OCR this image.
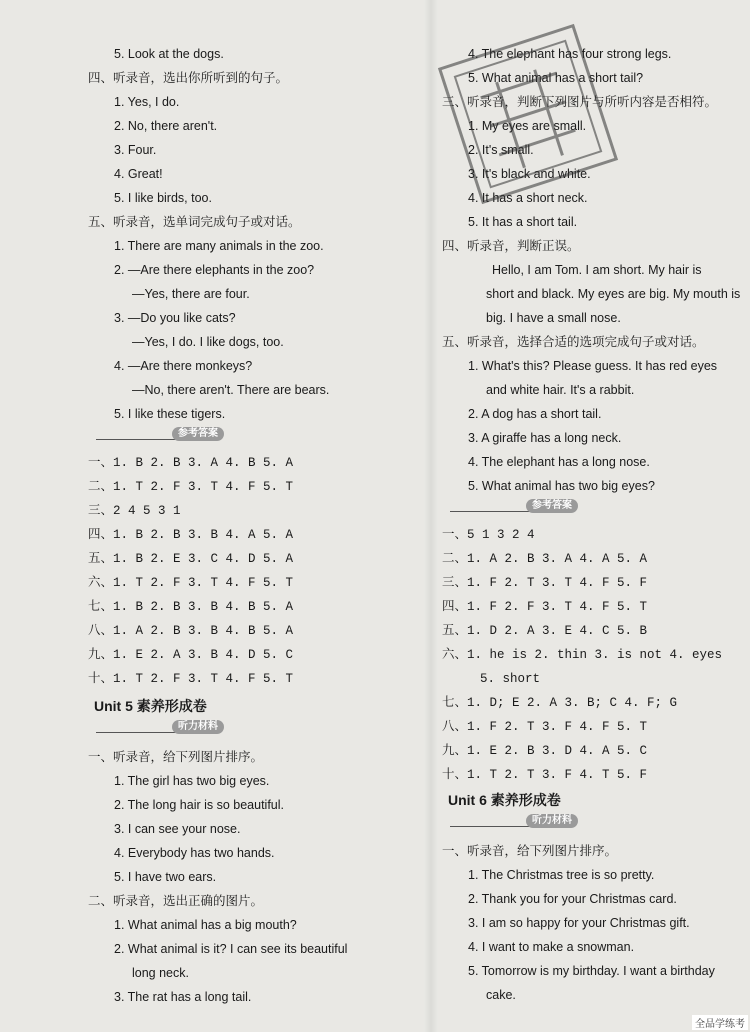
5. Look at the dogs.
四、听录音，选出你所听到的句子。
1. Yes, I do.
2. No, there aren't.
3. Four.
4. Great!
5. I like birds, too.
五、听录音，选单词完成句子或对话。
1. There are many animals in the zoo.
2. —Are there elephants in the zoo?
—Yes, there are four.
3. —Do you like cats?
—Yes, I do. I like dogs, too.
4. —Are there monkeys?
—No, there aren't. There are bears.
5. I like these tigers.
参考答案
一、1. B 2. B 3. A 4. B 5. A
二、1. T 2. F 3. T 4. F 5. T
三、2 4 5 3 1
四、1. B 2. B 3. B 4. A 5. A
五、1. B 2. E 3. C 4. D 5. A
六、1. T 2. F 3. T 4. F 5. T
七、1. B 2. B 3. B 4. B 5. A
八、1. A 2. B 3. B 4. B 5. A
九、1. E 2. A 3. B 4. D 5. C
十、1. T 2. F 3. T 4. F 5. T
Unit 5 素养形成卷
听力材料
一、听录音，给下列图片排序。
1. The girl has two big eyes.
2. The long hair is so beautiful.
3. I can see your nose.
4. Everybody has two hands.
5. I have two ears.
二、听录音，选出正确的图片。
1. What animal has a big mouth?
2. What animal is it? I can see its beautiful
long neck.
3. The rat has a long tail.
4. The elephant has four strong legs.
5. What animal has a short tail?
三、听录音，判断下列图片与所听内容是否相符。
1. My eyes are small.
2. It's small.
3. It's black and white.
4. It has a short neck.
5. It has a short tail.
四、听录音，判断正误。
Hello, I am Tom. I am short. My hair is
short and black. My eyes are big. My mouth is
big. I have a small nose.
五、听录音，选择合适的选项完成句子或对话。
1. What's this? Please guess. It has red eyes
and white hair. It's a rabbit.
2. A dog has a short tail.
3. A giraffe has a long neck.
4. The elephant has a long nose.
5. What animal has two big eyes?
参考答案
一、5 1 3 2 4
二、1. A 2. B 3. A 4. A 5. A
三、1. F 2. T 3. T 4. F 5. F
四、1. F 2. F 3. T 4. F 5. T
五、1. D 2. A 3. E 4. C 5. B
六、1. he is 2. thin 3. is not 4. eyes
5. short
七、1. D; E 2. A 3. B; C 4. F; G
八、1. F 2. T 3. F 4. F 5. T
九、1. E 2. B 3. D 4. A 5. C
十、1. T 2. T 3. F 4. T 5. F
Unit 6 素养形成卷
听力材料
一、听录音，给下列图片排序。
1. The Christmas tree is so pretty.
2. Thank you for your Christmas card.
3. I am so happy for your Christmas gift.
4. I want to make a snowman.
5. Tomorrow is my birthday. I want a birthday
cake.
全品学练考
